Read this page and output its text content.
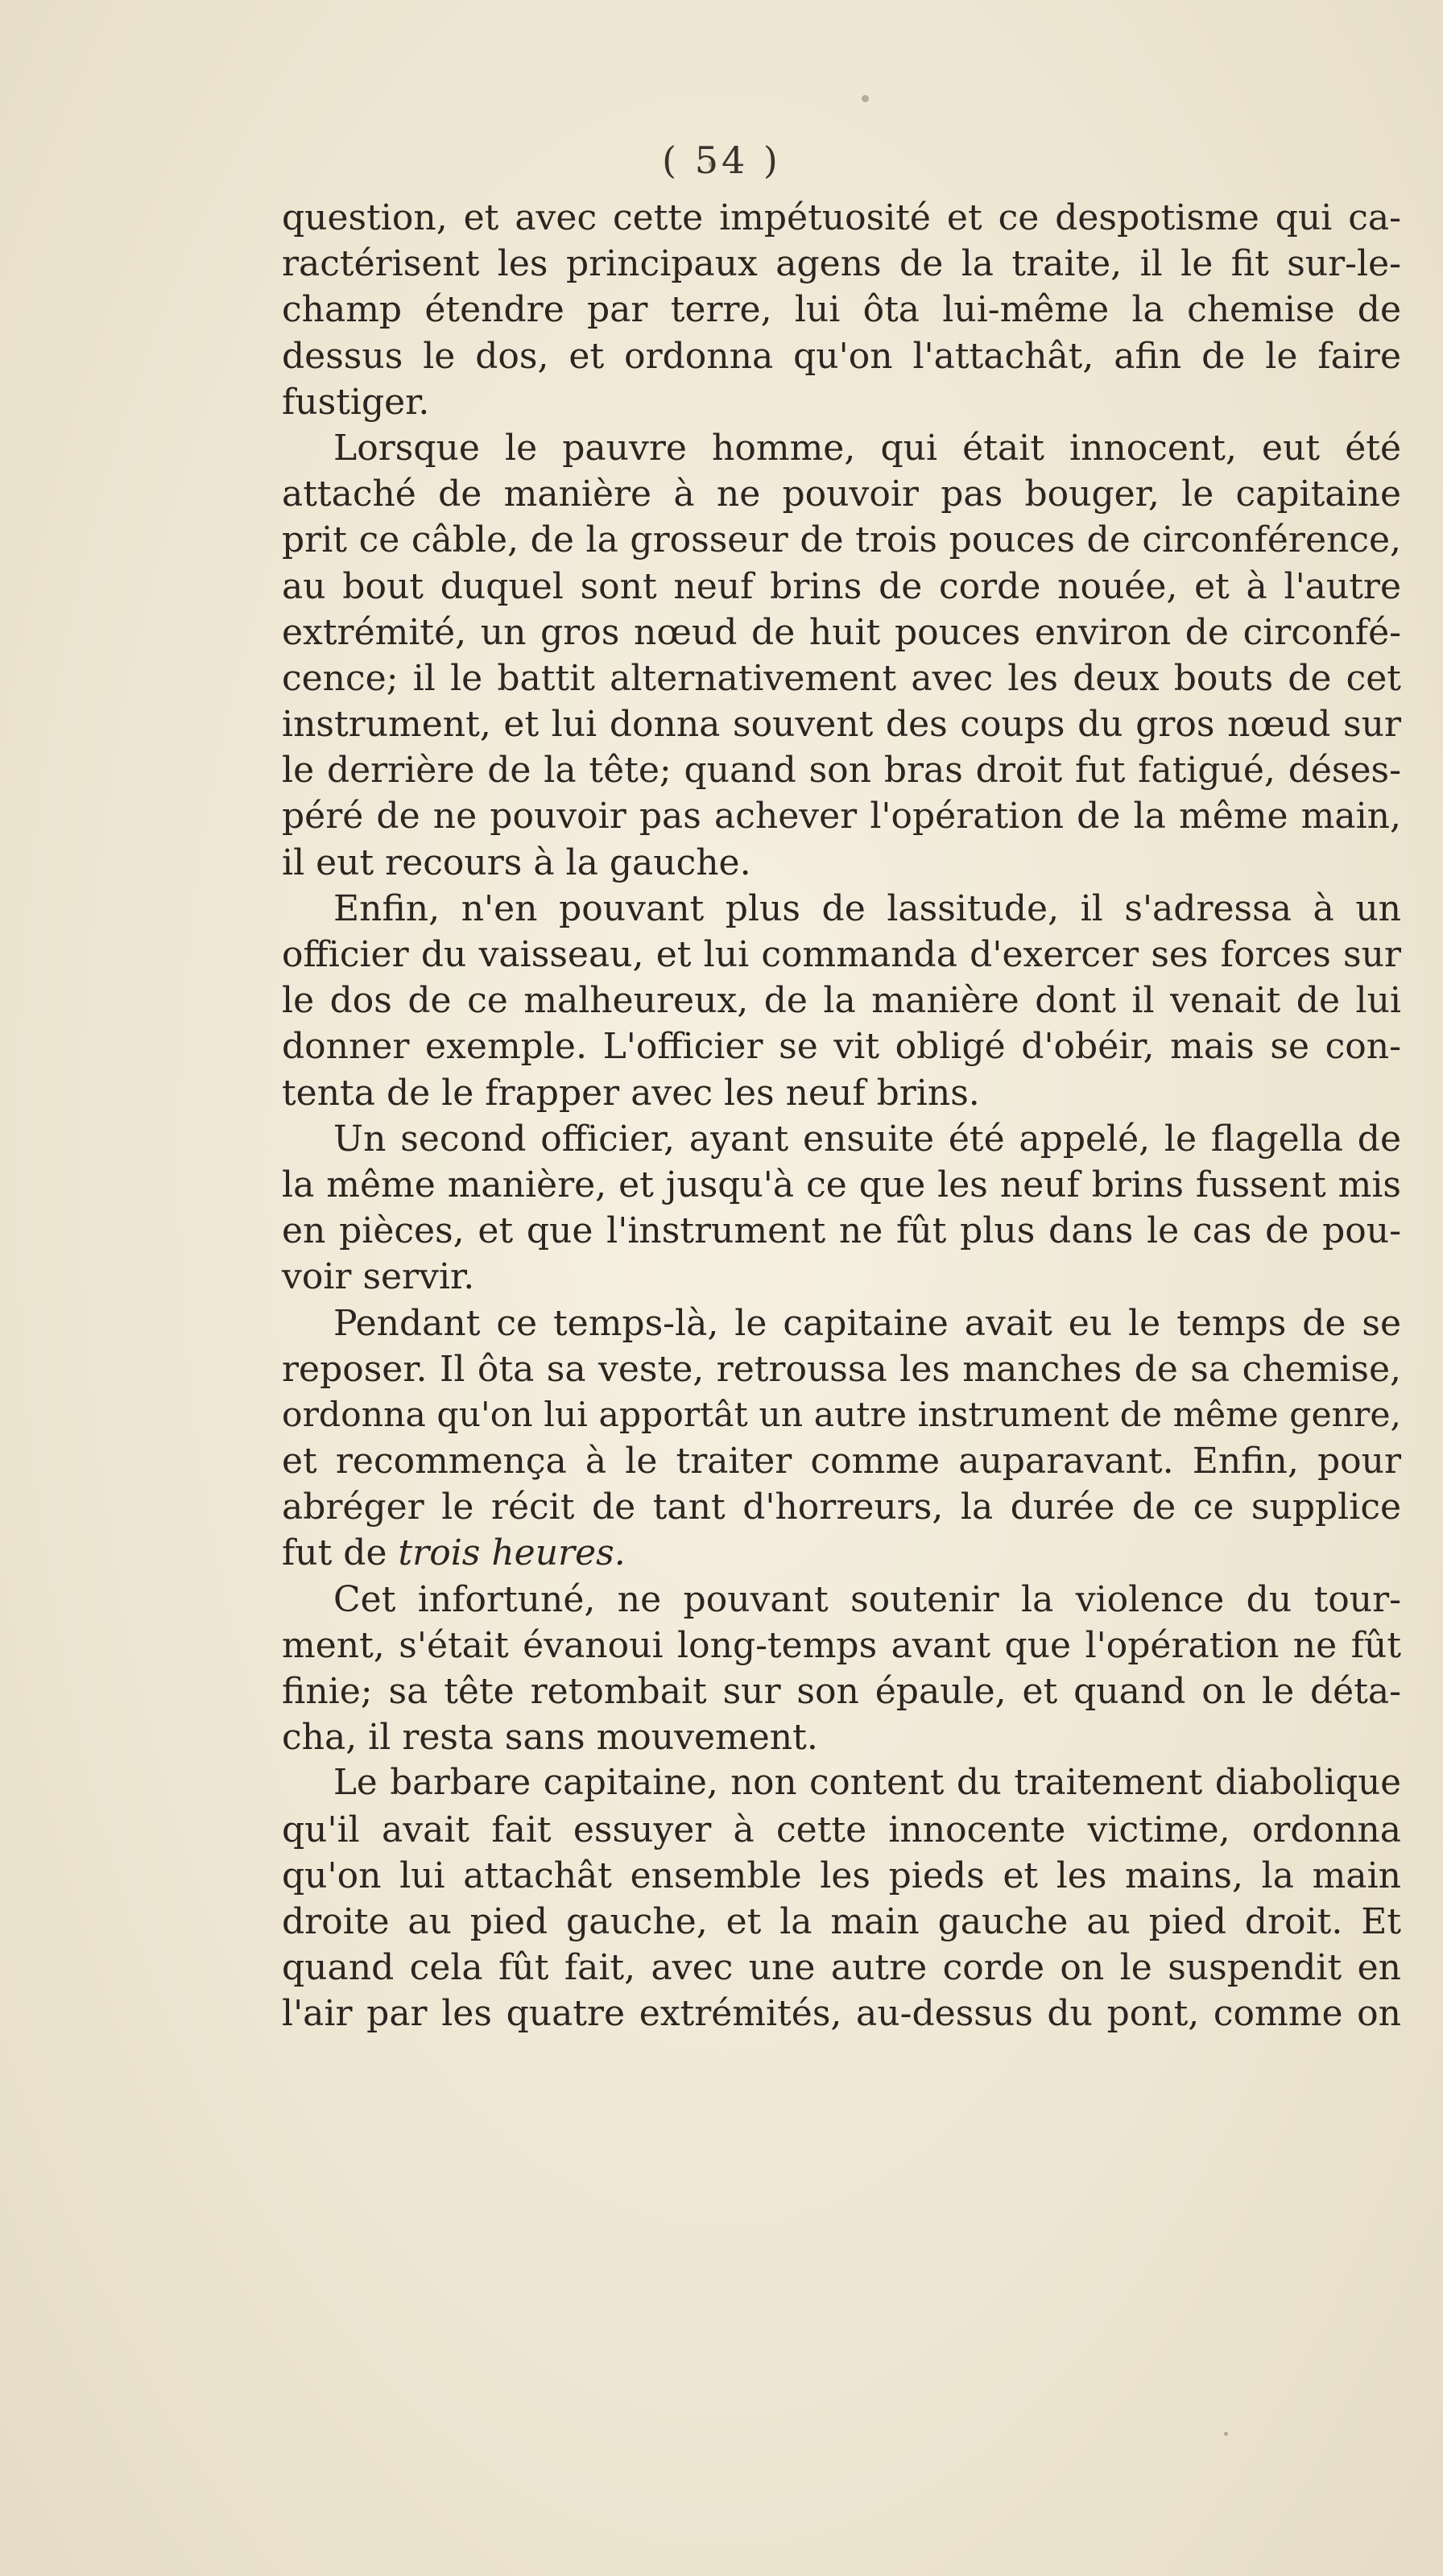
( 54 )
question, et avec cette impétuosité et ce despotisme qui ca-
ractérisent les principaux agens de la traite, il le fit sur-le-
champ étendre par terre, lui ôta lui-même la chemise de
dessus le dos, et ordonna qu'on l'attachât, afin de le faire
fustiger.
Lorsque le pauvre homme, qui était innocent, eut été
attaché de manière à ne pouvoir pas bouger, le capitaine
prit ce câble, de la grosseur de trois pouces de circonférence,
au bout duquel sont neuf brins de corde nouée, et à l'autre
extrémité, un gros nœud de huit pouces environ de circonfé-
cence; il le battit alternativement avec les deux bouts de cet
instrument, et lui donna souvent des coups du gros nœud sur
le derrière de la tête; quand son bras droit fut fatigué, déses-
péré de ne pouvoir pas achever l'opération de la même main,
il eut recours à la gauche.
Enfin, n'en pouvant plus de lassitude, il s'adressa à un
officier du vaisseau, et lui commanda d'exercer ses forces sur
le dos de ce malheureux, de la manière dont il venait de lui
donner exemple. L'officier se vit obligé d'obéir, mais se con-
tenta de le frapper avec les neuf brins.
Un second officier, ayant ensuite été appelé, le flagella de
la même manière, et jusqu'à ce que les neuf brins fussent mis
en pièces, et que l'instrument ne fût plus dans le cas de pou-
voir servir.
Pendant ce temps-là, le capitaine avait eu le temps de se
reposer. Il ôta sa veste, retroussa les manches de sa chemise,
ordonna qu'on lui apportât un autre instrument de même genre,
et recommença à le traiter comme auparavant. Enfin, pour
abréger le récit de tant d'horreurs, la durée de ce supplice
fut de trois heures.
Cet infortuné, ne pouvant soutenir la violence du tour-
ment, s'était évanoui long-temps avant que l'opération ne fût
finie; sa tête retombait sur son épaule, et quand on le déta-
cha, il resta sans mouvement.
Le barbare capitaine, non content du traitement diabolique
qu'il avait fait essuyer à cette innocente victime, ordonna
qu'on lui attachât ensemble les pieds et les mains, la main
droite au pied gauche, et la main gauche au pied droit. Et
quand cela fût fait, avec une autre corde on le suspendit en
l'air par les quatre extrémités, au-dessus du pont, comme on
